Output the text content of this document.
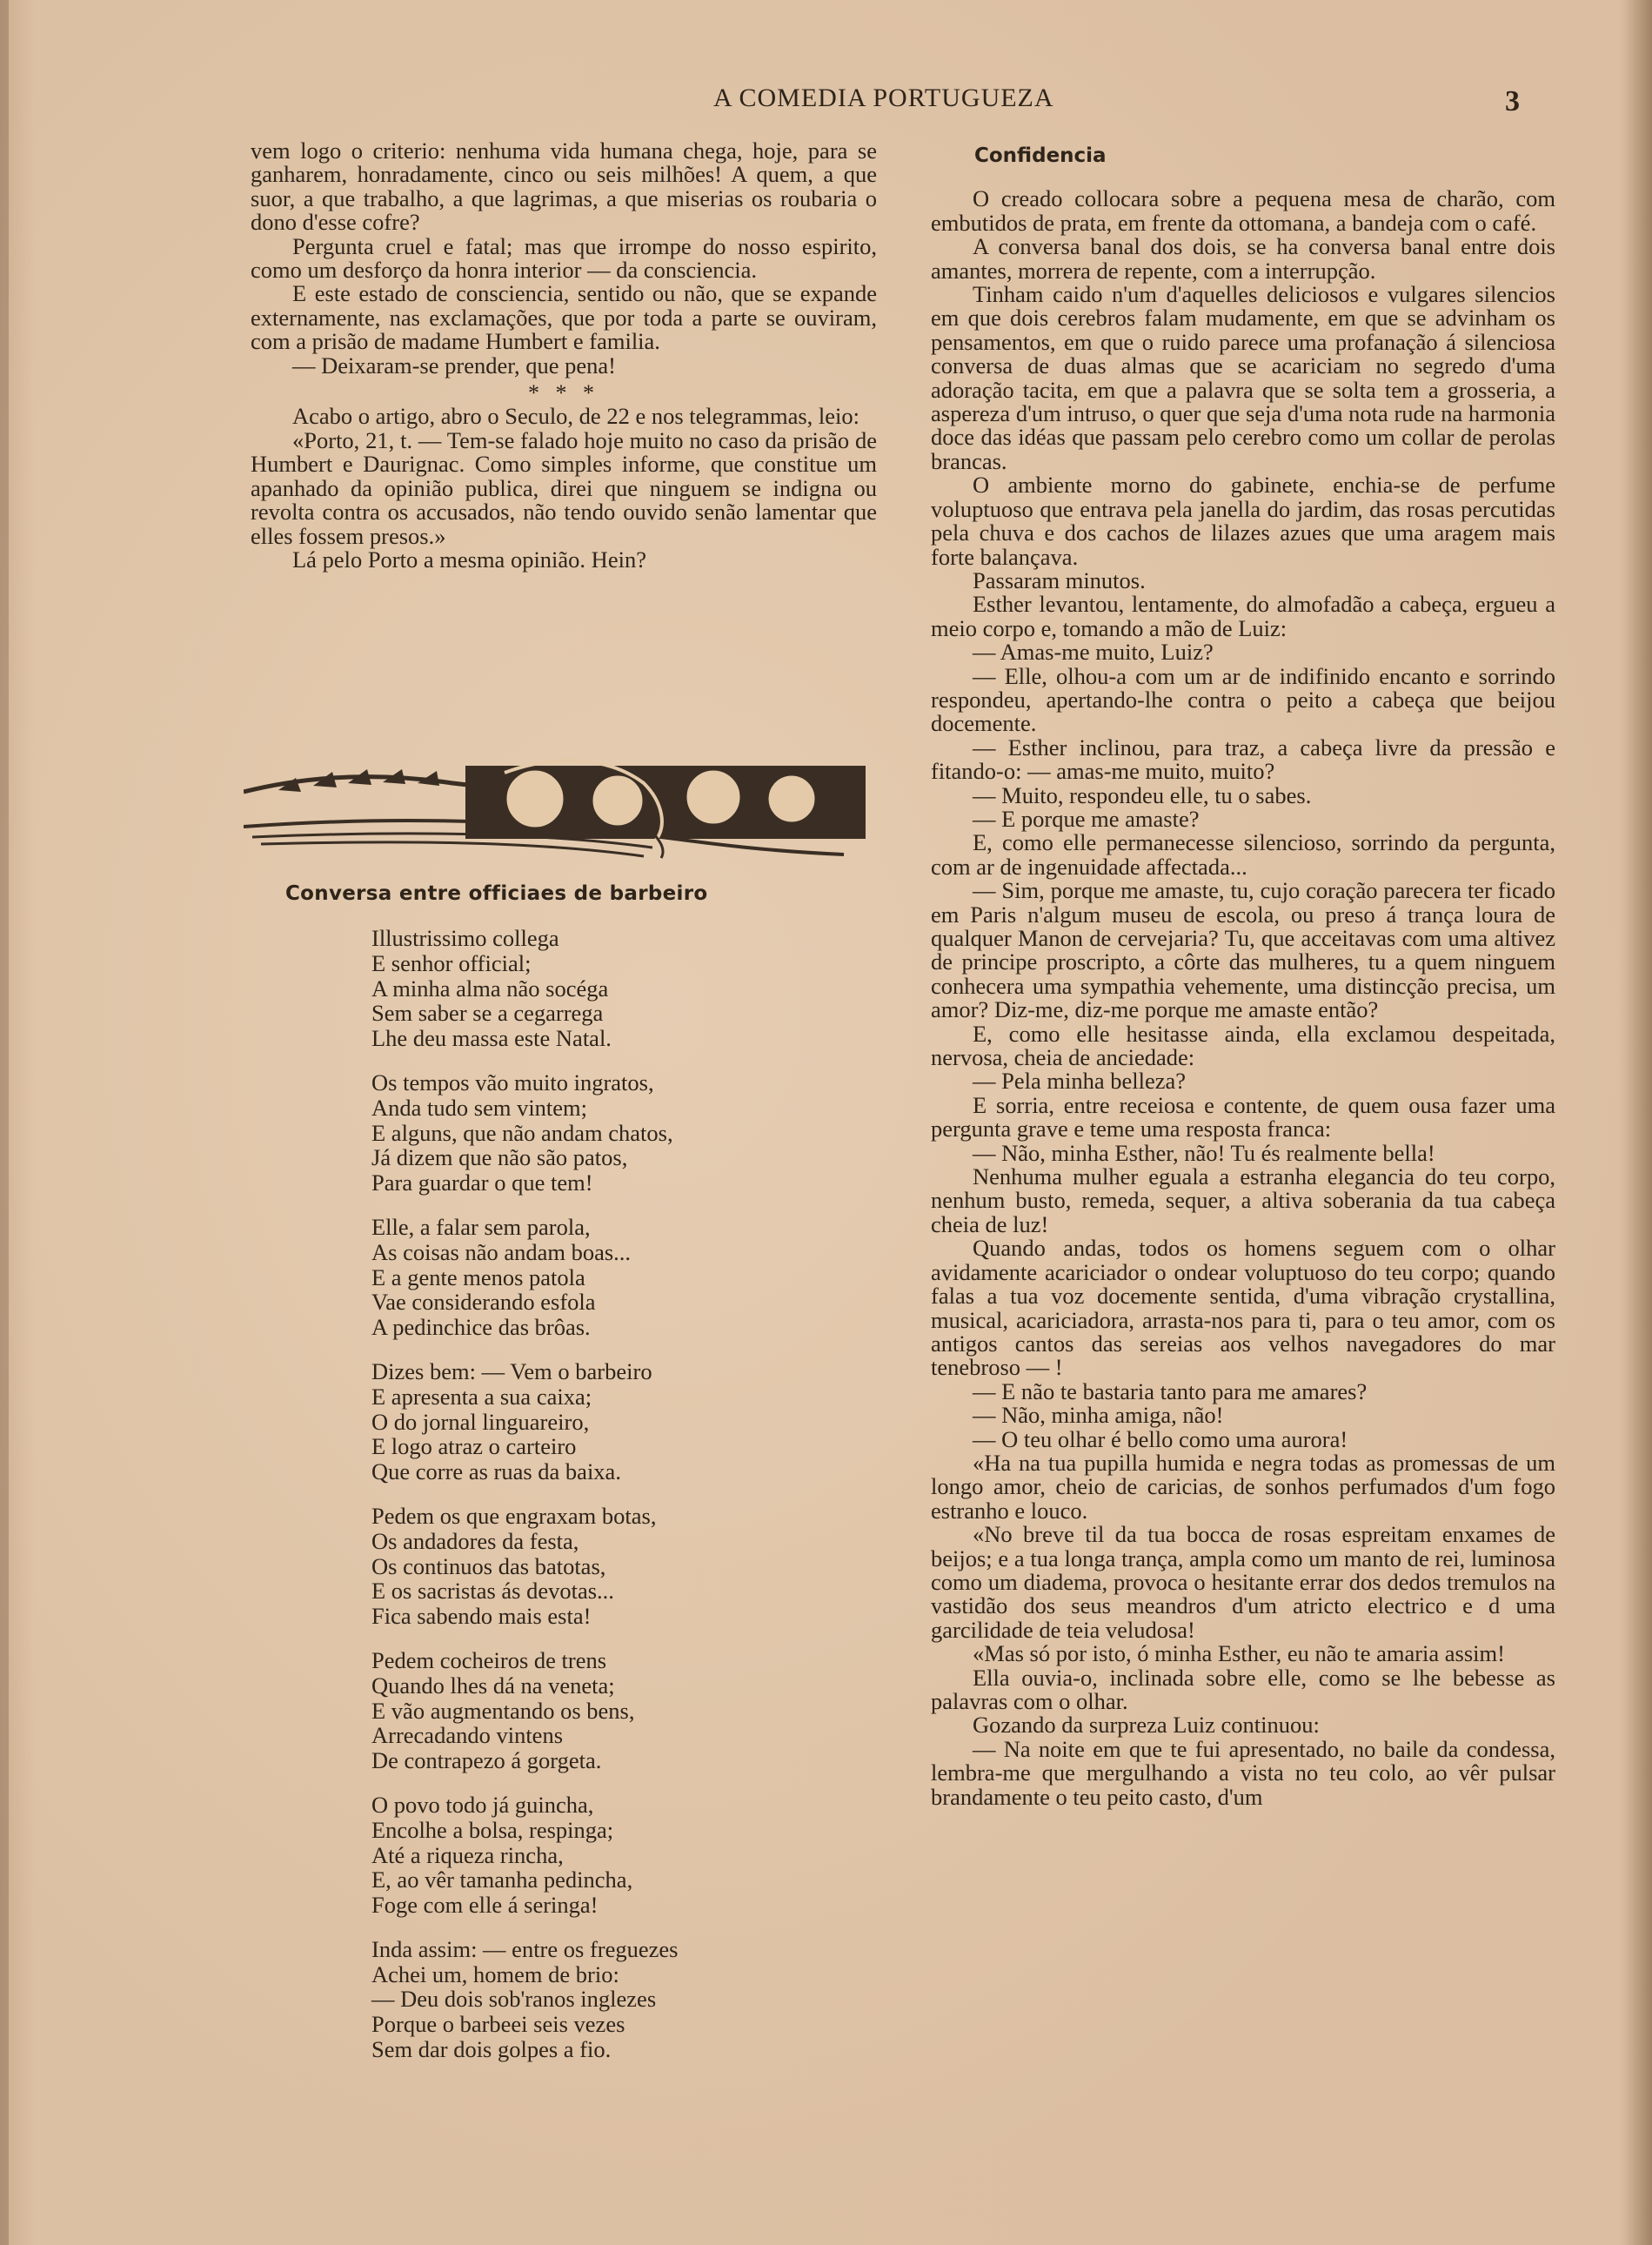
A COMEDIA PORTUGUEZA	3

vem logo o criterio: nenhuma vida humana chega, hoje, para se ganharem, honradamente, cinco ou seis milhões! A quem, a que suor, a que trabalho, a que lagrimas, a que miserias os roubaria o dono d'esse cofre?

Pergunta cruel e fatal; mas que irrompe do nosso espirito, como um desforço da honra interior — da consciencia.

E este estado de consciencia, sentido ou não, que se expande externamente, nas exclamações, que por toda a parte se ouviram, com a prisão de madame Humbert e familia.

— Deixaram-se prender, que pena!

* * *

Acabo o artigo, abro o Seculo, de 22 e nos telegrammas, leio:

«Porto, 21, t. — Tem-se falado hoje muito no caso da prisão de Humbert e Daurignac. Como simples informe, que constitue um apanhado da opinião publica, direi que ninguem se indigna ou revolta contra os accusados, não tendo ouvido senão lamentar que elles fossem presos.»

Lá pelo Porto a mesma opinião. Hein?

Conversa entre officiaes de barbeiro
Illustrissimo collega
E senhor official;
A minha alma não socéga
Sem saber se a cegarrega
Lhe deu massa este Natal.
Os tempos vão muito ingratos,
Anda tudo sem vintem;
E alguns, que não andam chatos,
Já dizem que não são patos,
Para guardar o que tem!
Elle, a falar sem parola,
As coisas não andam boas...
E a gente menos patola
Vae considerando esfola
A pedinchice das brôas.
Dizes bem: — Vem o barbeiro
E apresenta a sua caixa;
O do jornal linguareiro,
E logo atraz o carteiro
Que corre as ruas da baixa.
Pedem os que engraxam botas,
Os andadores da festa,
Os continuos das batotas,
E os sacristas ás devotas...
Fica sabendo mais esta!
Pedem cocheiros de trens
Quando lhes dá na veneta;
E vão augmentando os bens,
Arrecadando vintens
De contrapezo á gorgeta.
O povo todo já guincha,
Encolhe a bolsa, respinga;
Até a riqueza rincha,
E, ao vêr tamanha pedincha,
Foge com elle á seringa!
Inda assim: — entre os freguezes
Achei um, homem de brio:
— Deu dois sob'ranos inglezes
Porque o barbeei seis vezes
Sem dar dois golpes a fio.
Confidencia

O creado collocara sobre a pequena mesa de charão, com embutidos de prata, em frente da ottomana, a bandeja com o café.

A conversa banal dos dois, se ha conversa banal entre dois amantes, morrera de repente, com a interrupção.

Tinham caido n'um d'aquelles deliciosos e vulgares silencios em que dois cerebros falam mudamente, em que se advinham os pensamentos, em que o ruido parece uma profanação á silenciosa conversa de duas almas que se acariciam no segredo d'uma adoração tacita, em que a palavra que se solta tem a grosseria, a aspereza d'um intruso, o quer que seja d'uma nota rude na harmonia doce das idéas que passam pelo cerebro como um collar de perolas brancas.

O ambiente morno do gabinete, enchia-se de perfume voluptuoso que entrava pela janella do jardim, das rosas percutidas pela chuva e dos cachos de lilazes azues que uma aragem mais forte balançava.

Passaram minutos.

Esther levantou, lentamente, do almofadão a cabeça, ergueu a meio corpo e, tomando a mão de Luiz:

— Amas-me muito, Luiz?

— Elle, olhou-a com um ar de indifinido encanto e sorrindo respondeu, apertando-lhe contra o peito a cabeça que beijou docemente.

— Esther inclinou, para traz, a cabeça livre da pressão e fitando-o: — amas-me muito, muito?

— Muito, respondeu elle, tu o sabes.

— E porque me amaste?

E, como elle permanecesse silencioso, sorrindo da pergunta, com ar de ingenuidade affectada...

— Sim, porque me amaste, tu, cujo coração parecera ter ficado em Paris n'algum museu de escola, ou preso á trança loura de qualquer Manon de cervejaria? Tu, que acceitavas com uma altivez de principe proscripto, a côrte das mulheres, tu a quem ninguem conhecera uma sympathia vehemente, uma distincção precisa, um amor? Diz-me, diz-me porque me amaste então?

E, como elle hesitasse ainda, ella exclamou despeitada, nervosa, cheia de anciedade:

— Pela minha belleza?

E sorria, entre receiosa e contente, de quem ousa fazer uma pergunta grave e teme uma resposta franca:

— Não, minha Esther, não! Tu és realmente bella!

Nenhuma mulher eguala a estranha elegancia do teu corpo, nenhum busto, remeda, sequer, a altiva soberania da tua cabeça cheia de luz!

Quando andas, todos os homens seguem com o olhar avidamente acariciador o ondear voluptuoso do teu corpo; quando falas a tua voz docemente sentida, d'uma vibração crystallina, musical, acariciadora, arrasta-nos para ti, para o teu amor, com os antigos cantos das sereias aos velhos navegadores do mar tenebroso — !

— E não te bastaria tanto para me amares?

— Não, minha amiga, não!

— O teu olhar é bello como uma aurora!

«Ha na tua pupilla humida e negra todas as promessas de um longo amor, cheio de caricias, de sonhos perfumados d'um fogo estranho e louco.

«No breve til da tua bocca de rosas espreitam enxames de beijos; e a tua longa trança, ampla como um manto de rei, luminosa como um diadema, provoca o hesitante errar dos dedos tremulos na vastidão dos seus meandros d'um atricto electrico e d uma garcilidade de teia veludosa!

«Mas só por isto, ó minha Esther, eu não te amaria assim!

Ella ouvia-o, inclinada sobre elle, como se lhe bebesse as palavras com o olhar.

Gozando da surpreza Luiz continuou:

— Na noite em que te fui apresentado, no baile da condessa, lembra-me que mergulhando a vista no teu colo, ao vêr pulsar brandamente o teu peito casto, d'um
